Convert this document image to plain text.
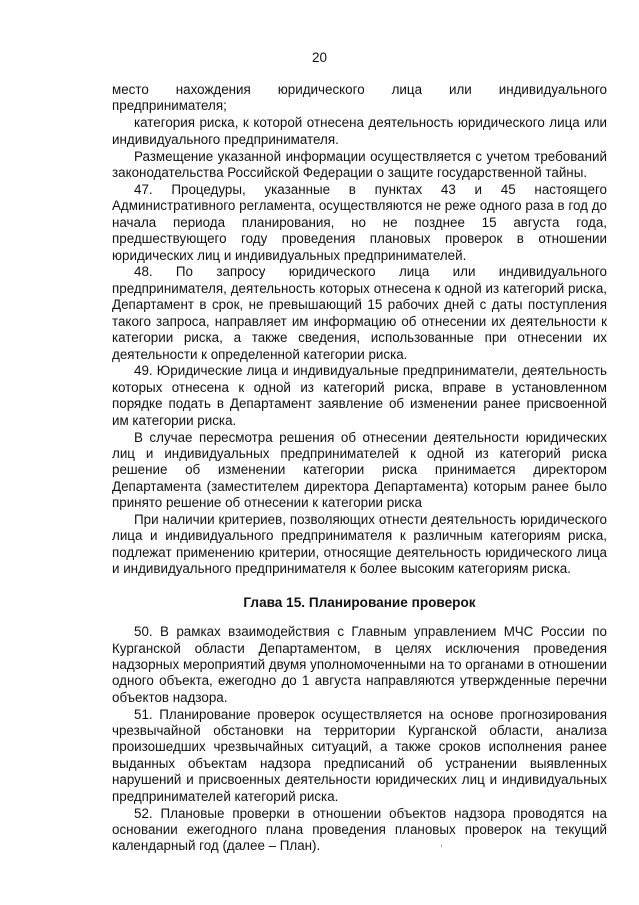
20

место нахождения юридического лица или индивидуального предпринимателя;

категория риска, к которой отнесена деятельность юридического лица или индивидуального предпринимателя.

Размещение указанной информации осуществляется с учетом требований законодательства Российской Федерации о защите государственной тайны.

47. Процедуры, указанные в пунктах 43 и 45 настоящего Административного регламента, осуществляются не реже одного раза в год до начала периода планирования, но не позднее 15 августа года, предшествующего году проведения плановых проверок в отношении юридических лиц и индивидуальных предпринимателей.

48. По запросу юридического лица или индивидуального предпринимателя, деятельность которых отнесена к одной из категорий риска, Департамент в срок, не превышающий 15 рабочих дней с даты поступления такого запроса, направляет им информацию об отнесении их деятельности к категории риска, а также сведения, использованные при отнесении их деятельности к определенной категории риска.

49. Юридические лица и индивидуальные предприниматели, деятельность которых отнесена к одной из категорий риска, вправе в установленном порядке подать в Департамент заявление об изменении ранее присвоенной им категории риска.

В случае пересмотра решения об отнесении деятельности юридических лиц и индивидуальных предпринимателей к одной из категорий риска решение об изменении категории риска принимается директором Департамента (заместителем директора Департамента) которым ранее было принято решение об отнесении к категории риска

При наличии критериев, позволяющих отнести деятельность юридического лица и индивидуального предпринимателя к различным категориям риска, подлежат применению критерии, относящие деятельность юридического лица и индивидуального предпринимателя к более высоким категориям риска.

Глава 15. Планирование проверок

50. В рамках взаимодействия с Главным управлением МЧС России по Курганской области Департаментом, в целях исключения проведения надзорных мероприятий двумя уполномоченными на то органами в отношении одного объекта, ежегодно до 1 августа направляются утвержденные перечни объектов надзора.

51. Планирование проверок осуществляется на основе прогнозирования чрезвычайной обстановки на территории Курганской области, анализа произошедших чрезвычайных ситуаций, а также сроков исполнения ранее выданных объектам надзора предписаний об устранении выявленных нарушений и присвоенных деятельности юридических лиц и индивидуальных предпринимателей категорий риска.

52. Плановые проверки в отношении объектов надзора проводятся на основании ежегодного плана проведения плановых проверок на текущий календарный год (далее – План).	,
